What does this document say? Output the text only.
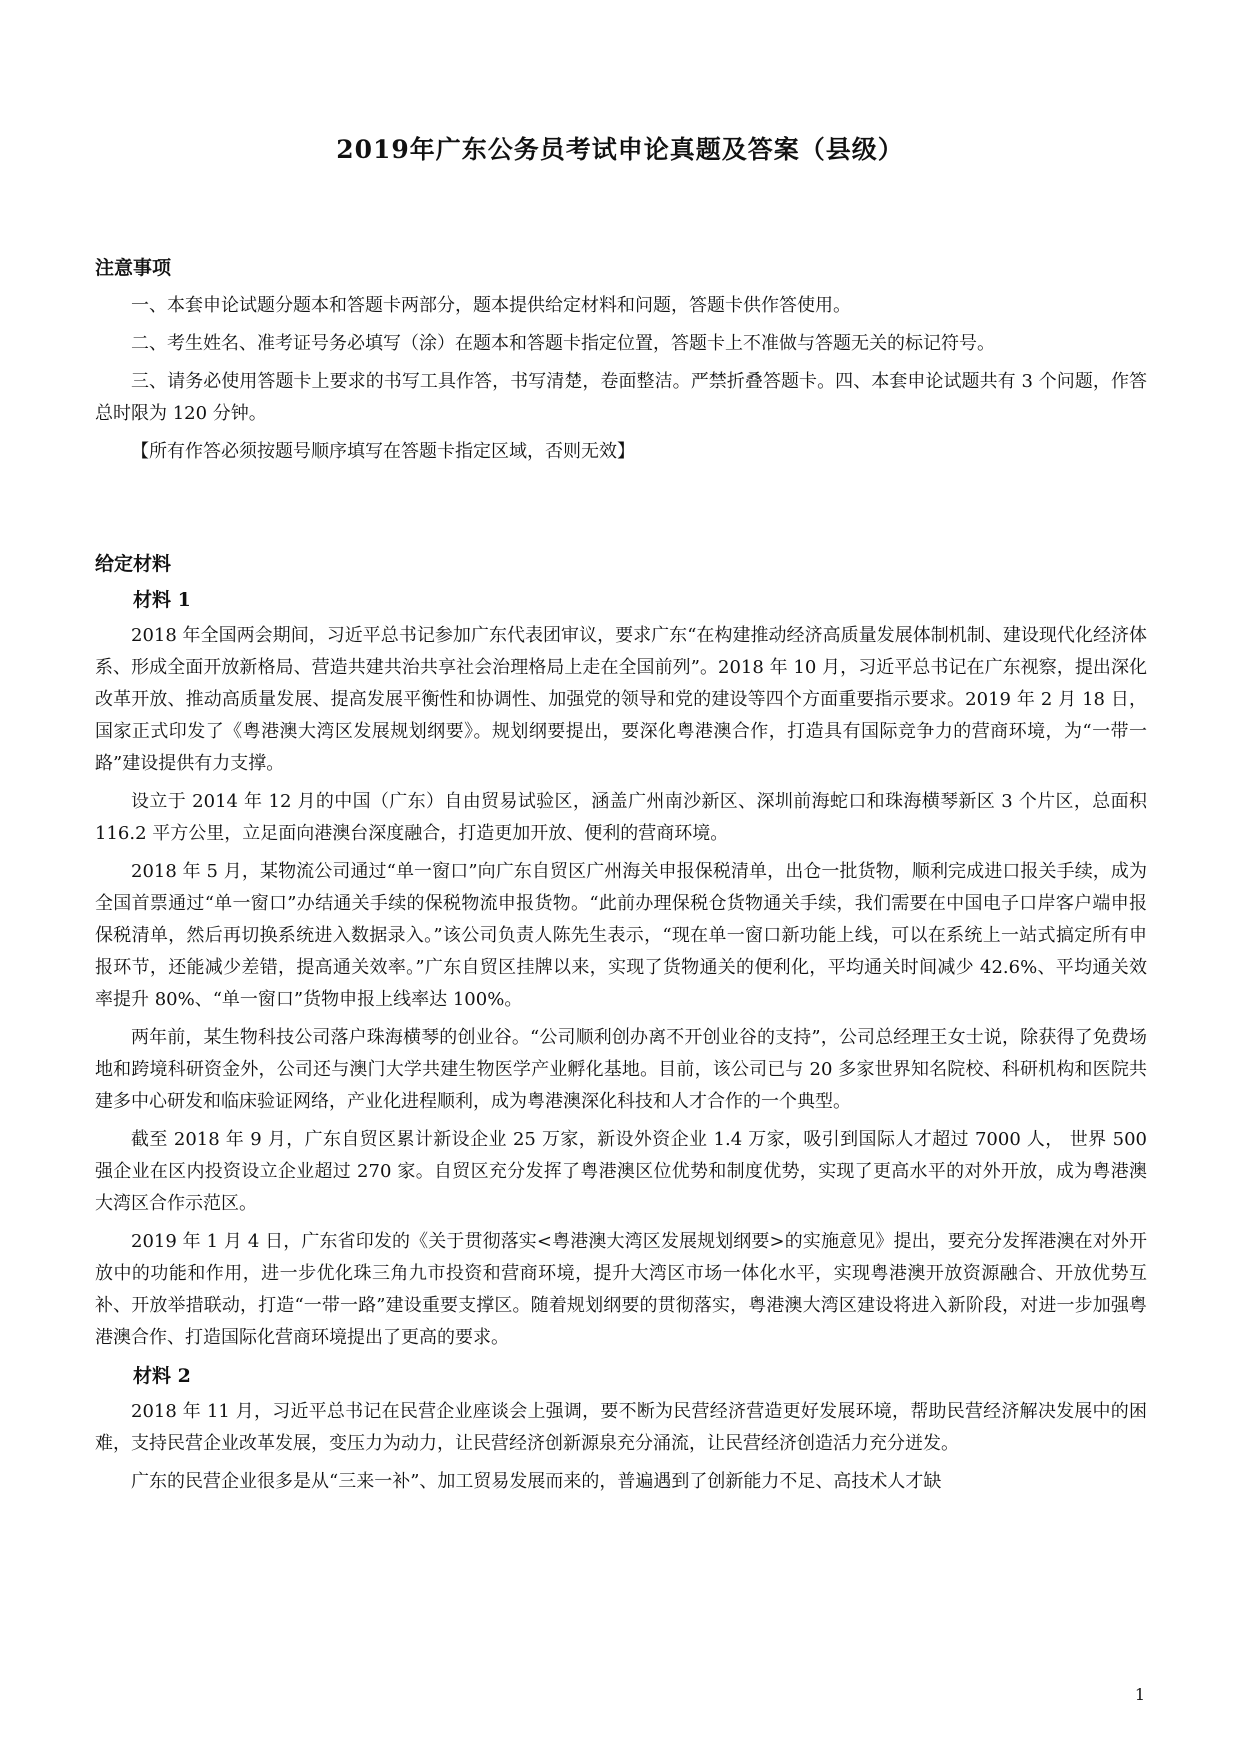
2019年广东公务员考试申论真题及答案（县级）

注意事项

一、本套申论试题分题本和答题卡两部分，题本提供给定材料和问题，答题卡供作答使用。

二、考生姓名、准考证号务必填写（涂）在题本和答题卡指定位置，答题卡上不准做与答题无关的标记符号。

三、请务必使用答题卡上要求的书写工具作答，书写清楚，卷面整洁。严禁折叠答题卡。四、本套申论试题共有 3 个问题，作答总时限为 120 分钟。

【所有作答必须按题号顺序填写在答题卡指定区域，否则无效】

给定材料

材料 1

2018 年全国两会期间，习近平总书记参加广东代表团审议，要求广东“在构建推动经济高质量发展体制机制、建设现代化经济体系、形成全面开放新格局、营造共建共治共享社会治理格局上走在全国前列”。2018 年 10 月，习近平总书记在广东视察，提出深化改革开放、推动高质量发展、提高发展平衡性和协调性、加强党的领导和党的建设等四个方面重要指示要求。2019 年 2 月 18 日，国家正式印发了《粤港澳大湾区发展规划纲要》。规划纲要提出，要深化粤港澳合作，打造具有国际竞争力的营商环境，为“一带一路”建设提供有力支撑。

设立于 2014 年 12 月的中国（广东）自由贸易试验区，涵盖广州南沙新区、深圳前海蛇口和珠海横琴新区 3 个片区，总面积 116.2 平方公里，立足面向港澳台深度融合，打造更加开放、便利的营商环境。

2018 年 5 月，某物流公司通过“单一窗口”向广东自贸区广州海关申报保税清单，出仓一批货物，顺利完成进口报关手续，成为全国首票通过“单一窗口”办结通关手续的保税物流申报货物。“此前办理保税仓货物通关手续，我们需要在中国电子口岸客户端申报保税清单，然后再切换系统进入数据录入。”该公司负责人陈先生表示，“现在单一窗口新功能上线，可以在系统上一站式搞定所有申报环节，还能减少差错，提高通关效率。”广东自贸区挂牌以来，实现了货物通关的便利化，平均通关时间减少 42.6%、平均通关效率提升 80%、“单一窗口”货物申报上线率达 100%。

两年前，某生物科技公司落户珠海横琴的创业谷。“公司顺利创办离不开创业谷的支持”，公司总经理王女士说，除获得了免费场地和跨境科研资金外，公司还与澳门大学共建生物医学产业孵化基地。目前，该公司已与 20 多家世界知名院校、科研机构和医院共建多中心研发和临床验证网络，产业化进程顺利，成为粤港澳深化科技和人才合作的一个典型。

截至 2018 年 9 月，广东自贸区累计新设企业 25 万家，新设外资企业 1.4 万家，吸引到国际人才超过 7000 人， 世界 500 强企业在区内投资设立企业超过 270 家。自贸区充分发挥了粤港澳区位优势和制度优势，实现了更高水平的对外开放，成为粤港澳大湾区合作示范区。

2019 年 1 月 4 日，广东省印发的《关于贯彻落实<粤港澳大湾区发展规划纲要>的实施意见》提出，要充分发挥港澳在对外开放中的功能和作用，进一步优化珠三角九市投资和营商环境，提升大湾区市场一体化水平，实现粤港澳开放资源融合、开放优势互补、开放举措联动，打造“一带一路”建设重要支撑区。随着规划纲要的贯彻落实，粤港澳大湾区建设将进入新阶段，对进一步加强粤港澳合作、打造国际化营商环境提出了更高的要求。

材料 2

2018 年 11 月，习近平总书记在民营企业座谈会上强调，要不断为民营经济营造更好发展环境，帮助民营经济解决发展中的困难，支持民营企业改革发展，变压力为动力，让民营经济创新源泉充分涌流，让民营经济创造活力充分迸发。

广东的民营企业很多是从“三来一补”、加工贸易发展而来的，普遍遇到了创新能力不足、高技术人才缺

1
